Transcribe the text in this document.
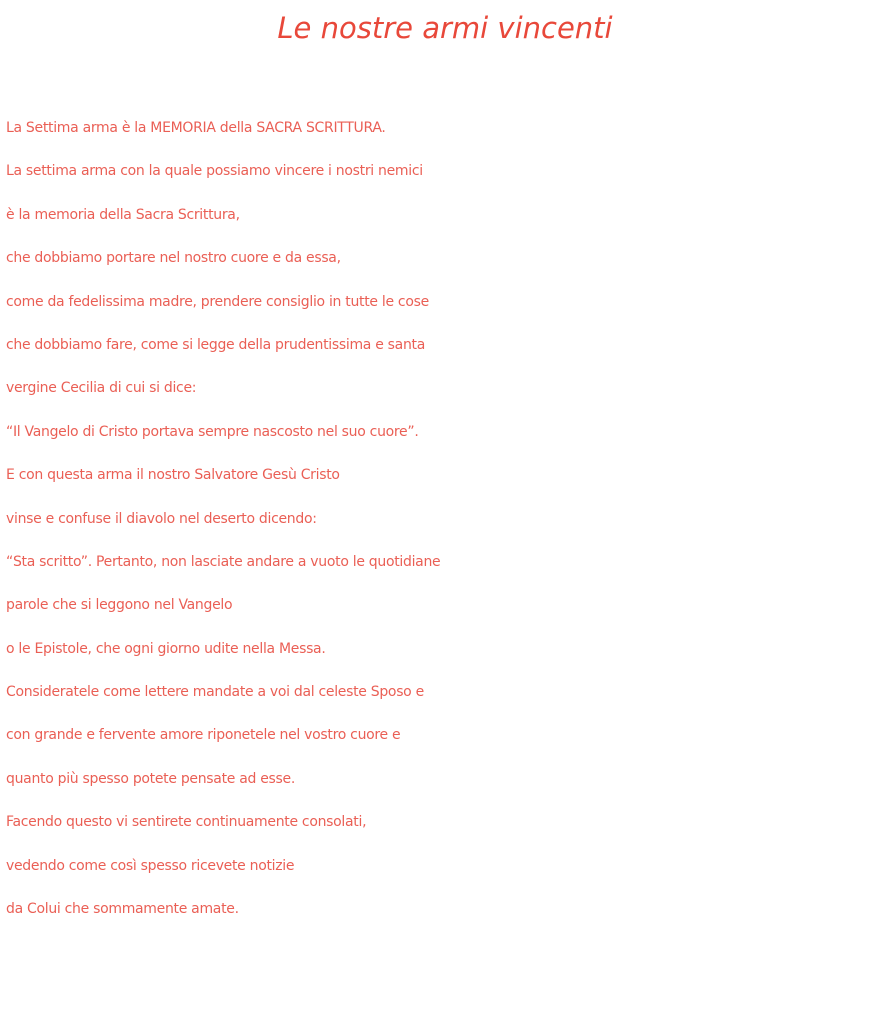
Le nostre armi vincenti
La Settima arma è la MEMORIA della SACRA SCRITTURA.
La settima arma con la quale possiamo vincere i nostri nemici
è la memoria della Sacra Scrittura,
che dobbiamo portare nel nostro cuore e da essa,
come da fedelissima madre, prendere consiglio in tutte le cose
che dobbiamo fare, come si legge della prudentissima e santa
vergine Cecilia di cui si dice:
“Il Vangelo di Cristo portava sempre nascosto nel suo cuore”.
E con questa arma il nostro Salvatore Gesù Cristo
vinse e confuse il diavolo nel deserto dicendo:
“Sta scritto”. Pertanto, non lasciate andare a vuoto le quotidiane
parole che si leggono nel Vangelo
o le Epistole, che ogni giorno udite nella Messa.
Consideratele come lettere mandate a voi dal celeste Sposo e
con grande e fervente amore riponetele nel vostro cuore e
quanto più spesso potete pensate ad esse.
Facendo questo vi sentirete continuamente consolati,
vedendo come così spesso ricevete notizie
da Colui che sommamente amate.
